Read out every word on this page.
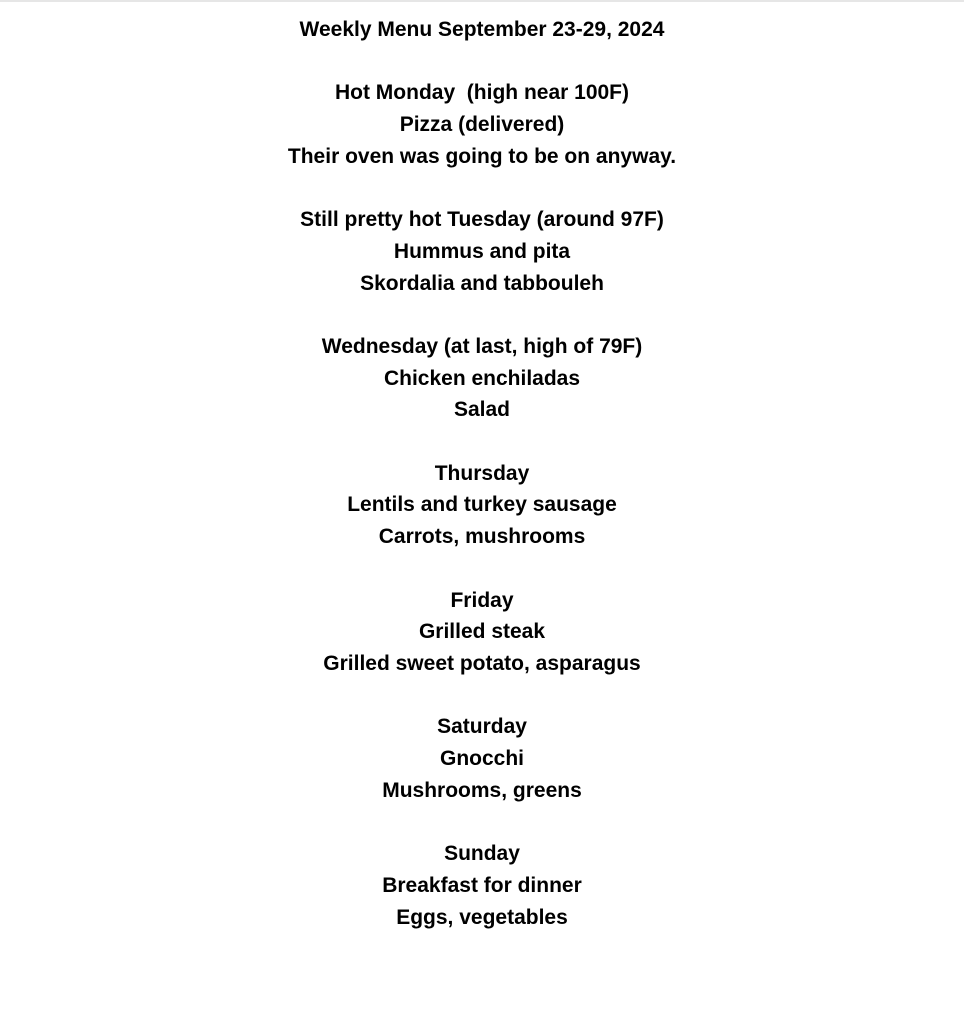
Weekly Menu September 23-29, 2024
Hot Monday  (high near 100F)
Pizza (delivered)
Their oven was going to be on anyway.
Still pretty hot Tuesday (around 97F)
Hummus and pita
Skordalia and tabbouleh
Wednesday (at last, high of 79F)
Chicken enchiladas
Salad
Thursday
Lentils and turkey sausage
Carrots, mushrooms
Friday
Grilled steak
Grilled sweet potato, asparagus
Saturday
Gnocchi
Mushrooms, greens
Sunday
Breakfast for dinner
Eggs, vegetables
